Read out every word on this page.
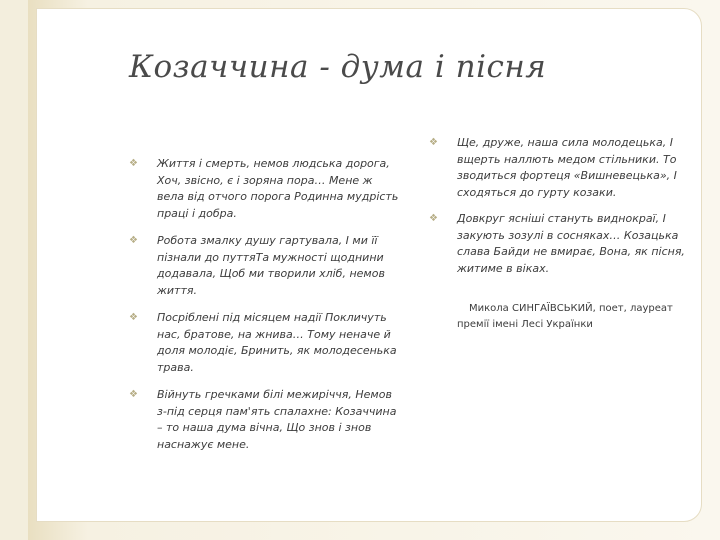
Козаччина - дума і пісня
❖ Життя і смерть, немов людська дорога, Хоч, звісно, є і зоряна пора… Мене ж вела від отчого порога Родинна мудрість праці і добра.
❖ Робота змалку душу гартувала, І ми її пізнали до путтяТа мужності щоднини додавала, Щоб ми творили хліб, немов життя.
❖ Посріблені під місяцем надії Покличуть нас, братове, на жнива… Тому неначе й доля молодіє, Бринить, як молодесенька трава.
❖ Війнуть гречками білі межиріччя, Немов з-під серця пам'ять спалахне: Козаччина – то наша дума вічна, Що знов і знов наснажує мене.
❖ Ще, друже, наша сила молодецька, І вщерть наллють медом стільники. То зводиться фортеця «Вишневецька», І сходяться до гурту козаки.
❖ Довкруг ясніші стануть виднокраї, І закують зозулі в сосняках… Козацька слава Байди не вмирає, Вона, як пісня, житиме в віках.

Микола СИНГАЇВСЬКИЙ, поет, лауреат премії імені Лесі Українки
